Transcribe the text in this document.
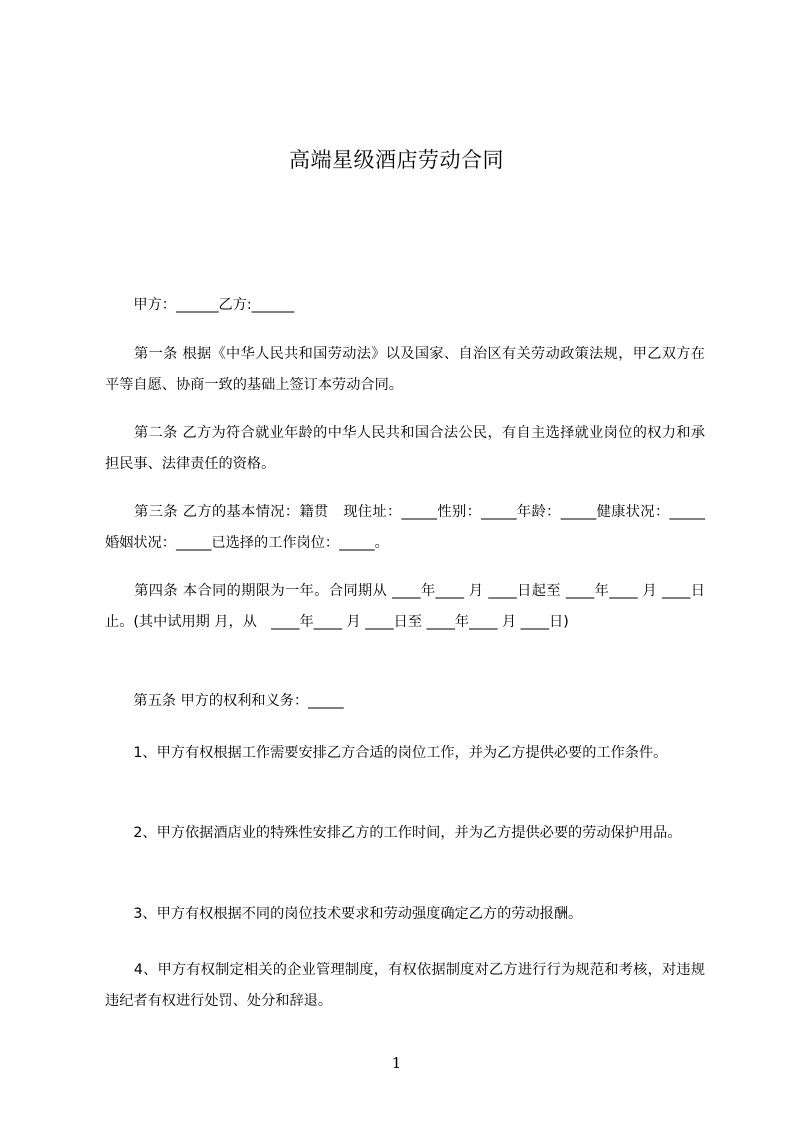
高端星级酒店劳动合同

　　甲方：______乙方:______

　　第一条 根据《中华人民共和国劳动法》以及国家、自治区有关劳动政策法规，甲乙双方在平等自愿、协商一致的基础上签订本劳动合同。

　　第二条 乙方为符合就业年龄的中华人民共和国合法公民，有自主选择就业岗位的权力和承担民事、法律责任的资格。

　　第三条 乙方的基本情况：籍贯　现住址：_____性别：_____年龄：_____健康状况：_____婚姻状况：_____已选择的工作岗位：_____。

　　第四条 本合同的期限为一年。合同期从 ____年____ 月 ____日起至 ____年____ 月 ____日止。(其中试用期 月，从　____年____ 月 ____日至 ____年____ 月 ____日)

　　第五条 甲方的权利和义务：_____

　　1、甲方有权根据工作需要安排乙方合适的岗位工作，并为乙方提供必要的工作条件。

　　2、甲方依据酒店业的特殊性安排乙方的工作时间，并为乙方提供必要的劳动保护用品。

　　3、甲方有权根据不同的岗位技术要求和劳动强度确定乙方的劳动报酬。

　　4、甲方有权制定相关的企业管理制度，有权依据制度对乙方进行行为规范和考核，对违规违纪者有权进行处罚、处分和辞退。

1
